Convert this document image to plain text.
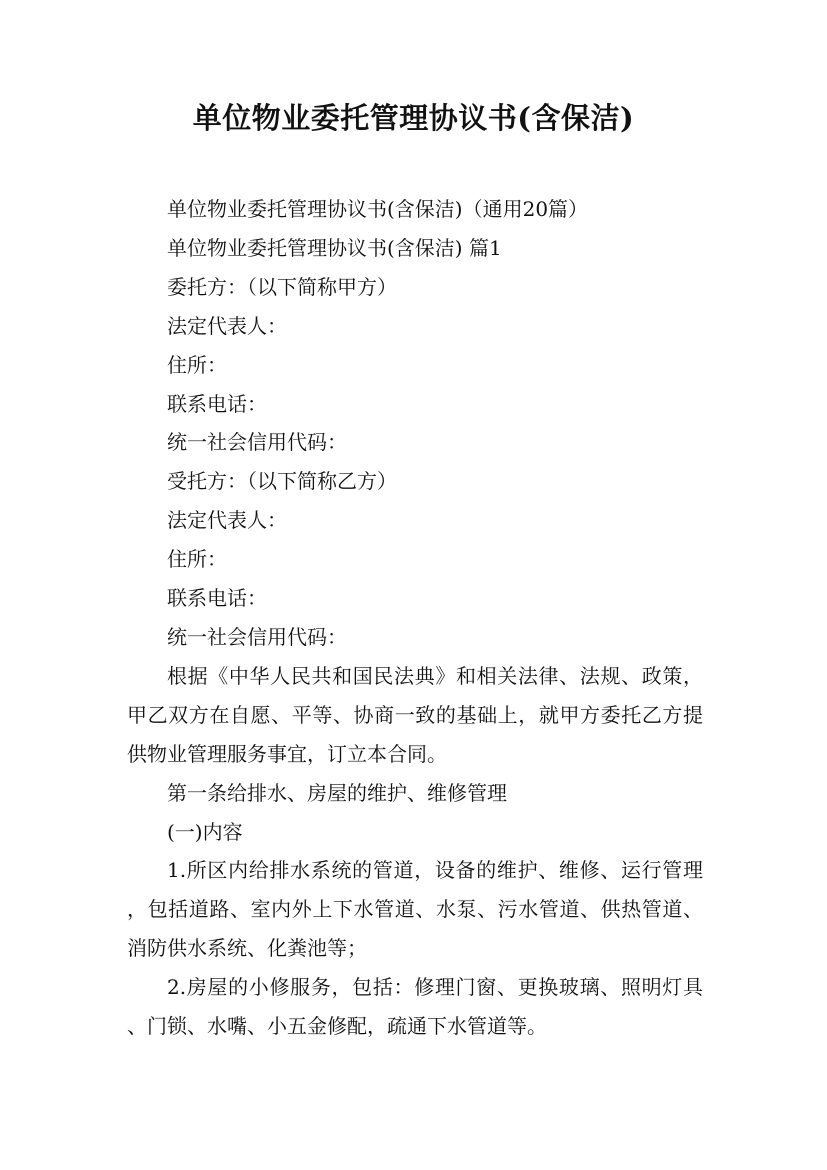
单位物业委托管理协议书(含保洁)

单位物业委托管理协议书(含保洁)（通用20篇）

单位物业委托管理协议书(含保洁) 篇1

委托方：（以下简称甲方）

法定代表人：

住所：

联系电话：

统一社会信用代码：

受托方：（以下简称乙方）

法定代表人：

住所：

联系电话：

统一社会信用代码：

根据《中华人民共和国民法典》和相关法律、法规、政策，甲乙双方在自愿、平等、协商一致的基础上，就甲方委托乙方提供物业管理服务事宜，订立本合同。

第一条给排水、房屋的维护、维修管理

(一)内容

1.所区内给排水系统的管道，设备的维护、维修、运行管理，包括道路、室内外上下水管道、水泵、污水管道、供热管道、消防供水系统、化粪池等；

2.房屋的小修服务，包括：修理门窗、更换玻璃、照明灯具、门锁、水嘴、小五金修配，疏通下水管道等。
